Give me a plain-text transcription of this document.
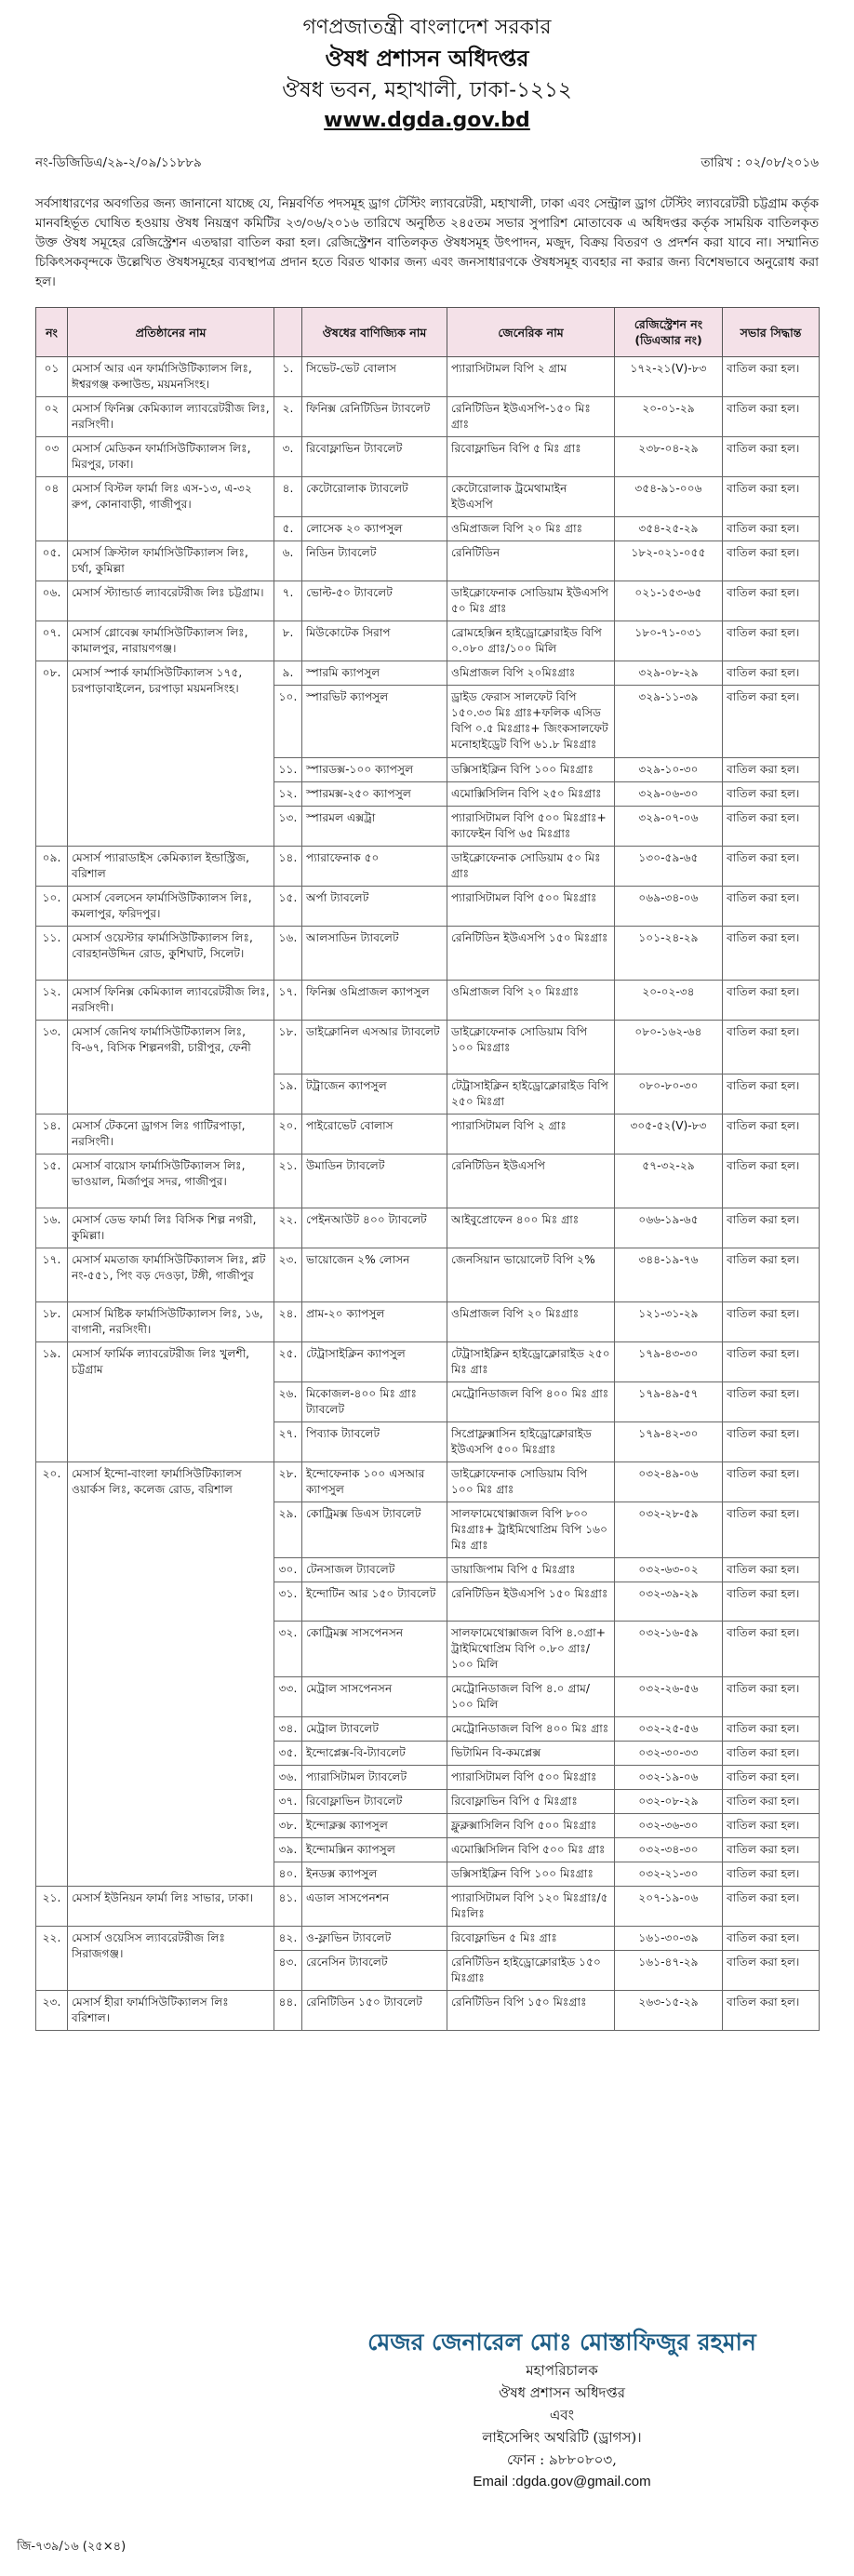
গণপ্রজাতন্ত্রী বাংলাদেশ সরকার
ঔষধ প্রশাসন অধিদপ্তর
ঔষধ ভবন, মহাখালী, ঢাকা-১২১২
www.dgda.gov.bd
নং-ডিজিডিএ/২৯-২/০৯/১১৮৮৯	তারিখ : ০২/০৮/২০১৬
সর্বসাধারণের অবগতির জন্য জানানো যাচ্ছে যে, নিম্নবর্ণিত পদসমূহ ড্রাগ টেস্টিং ল্যাবরেটরী, মহাখালী, ঢাকা এবং সেন্ট্রাল ড্রাগ টেস্টিং ল্যাবরেটরী চট্টগ্রাম কর্তৃক মানবহির্ভূত ঘোষিত হওয়ায় ঔষধ নিয়ন্ত্রণ কমিটির ২৩/০৬/২০১৬ তারিখে অনুষ্ঠিত ২৪৫তম সভার সুপারিশ মোতাবেক এ অধিদপ্তর কর্তৃক সাময়িক বাতিলকৃত উক্ত ঔষধ সমূহের রেজিস্ট্রেশন এতদ্বারা বাতিল করা হল। রেজিস্ট্রেশন বাতিলকৃত ঔষধসমূহ উৎপাদন, মজুদ, বিক্রয় বিতরণ ও প্রদর্শন করা যাবে না। সম্মানিত চিকিৎসকবৃন্দকে উল্লেখিত ঔষধসমূহের ব্যবস্থাপত্র প্রদান হতে বিরত থাকার জন্য এবং জনসাধারণকে ঔষধসমূহ ব্যবহার না করার জন্য বিশেষভাবে অনুরোধ করা হল।
নং	প্রতিষ্ঠানের নাম		ঔষধের বাণিজ্যিক নাম	জেনেরিক নাম	রেজিস্ট্রেশন নং (ডিএআর নং)	সভার সিদ্ধান্ত
০১	মেসার্স আর এন ফার্মাসিউটিক্যালস লিঃ, ঈশ্বরগঞ্জ কন্সাউন্ড, ময়মনসিংহ।	১.	সিভেট-ভেট বোলাস	প্যারাসিটামল বিপি ২ গ্রাম	১৭২-২১(V)-৮৩	বাতিল করা হল।
০২	মেসার্স ফিনিক্স কেমিক্যাল ল্যাবরেটরীজ লিঃ, নরসিংদী।	২.	ফিনিক্স রেনিটিডিন ট্যাবলেট	রেনিটিডিন ইউএসপি-১৫০ মিঃ গ্রাঃ	২০-০১-২৯	বাতিল করা হল।
০৩	মেসার্স মেডিকন ফার্মাসিউটিক্যালস লিঃ, মিরপুর, ঢাকা।	৩.	রিবোফ্লাভিন ট্যাবলেট	রিবোফ্লাভিন বিপি ৫ মিঃ গ্রাঃ	২৩৮-০৪-২৯	বাতিল করা হল।
০৪	মেসার্স বিস্টল ফার্মা লিঃ এস-১৩, এ-৩২ রুপ, কোনাবাড়ী, গাজীপুর।	৪.	কেটোরোলাক ট্যাবলেট	কেটোরোলাক ট্রমেথামাইন ইউএসপি	৩৫৪-৯১-০০৬	বাতিল করা হল।
		৫.	লোসেক ২০ ক্যাপসুল	ওমিপ্রাজল বিপি ২০ মিঃ গ্রাঃ	৩৫৪-২৫-২৯	বাতিল করা হল।
০৫.	মেসার্স ক্রিস্টাল ফার্মাসিউটিক্যালস লিঃ, চর্থা, কুমিল্লা	৬.	নিডিন ট্যাবলেট	রেনিটিডিন	১৮২-০২১-০৫৫	বাতিল করা হল।
০৬.	মেসার্স স্ট্যান্ডার্ড ল্যাবরেটরীজ লিঃ চট্টগ্রাম।	৭.	ভোল্ট-৫০ ট্যাবলেট	ডাইক্লোফেনাক সোডিয়াম ইউএসপি ৫০ মিঃ গ্রাঃ	০২১-১৫৩-৬৫	বাতিল করা হল।
০৭.	মেসার্স গ্লোবেক্স ফার্মাসিউটিক্যালস লিঃ, কামালপুর, নারায়ণগঞ্জ।	৮.	মিউকোটেক সিরাপ	ব্রোমহেক্সিন হাইড্রোক্লোরাইড বিপি ০.০৮০ গ্রাঃ/১০০ মিলি	১৮০-৭১-০৩১	বাতিল করা হল।
০৮.	মেসার্স স্পার্ক ফার্মাসিউটিক্যালস ১৭৫, চরপাড়াবাইলেন, চরপাড়া ময়মনসিংহ।	৯.	স্পারমি ক্যাপসুল	ওমিপ্রাজল বিপি ২০মিঃগ্রাঃ	৩২৯-০৮-২৯	বাতিল করা হল।
		১০.	স্পারভিট ক্যাপসুল	ড্রাইড ফেরাস সালফেট বিপি ১৫০.৩৩ মিঃ গ্রাঃ+ফলিক এসিড বিপি ০.৫ মিঃগ্রাঃ+ জিংকসালফেট মনোহাইড্রেট বিপি ৬১.৮ মিঃগ্রাঃ	৩২৯-১১-৩৯	বাতিল করা হল।
		১১.	স্পারডক্স-১০০ ক্যাপসুল	ডক্সিসাইক্লিন বিপি ১০০ মিঃগ্রাঃ	৩২৯-১০-৩০	বাতিল করা হল।
		১২.	স্পারমক্স-২৫০ ক্যাপসুল	এমোক্সিসিলিন বিপি ২৫০ মিঃগ্রাঃ	৩২৯-০৬-৩০	বাতিল করা হল।
		১৩.	স্পারমল এক্সট্রা	প্যারাসিটামল বিপি ৫০০ মিঃগ্রাঃ+ ক্যাফেইন বিপি ৬৫ মিঃগ্রাঃ	৩২৯-০৭-০৬	বাতিল করা হল।
০৯.	মেসার্স প্যারাডাইস কেমিক্যাল ইন্ডাস্ট্রিজ, বরিশাল	১৪.	প্যারাফেনাক ৫০	ডাইক্লোফেনাক সোডিয়াম ৫০ মিঃ গ্রাঃ	১৩০-৫৯-৬৫	বাতিল করা হল।
১০.	মেসার্স বেলসেন ফার্মাসিউটিক্যালস লিঃ, কমলাপুর, ফরিদপুর।	১৫.	অর্পা ট্যাবলেট	প্যারাসিটামল বিপি ৫০০ মিঃগ্রাঃ	০৬৯-৩৪-০৬	বাতিল করা হল।
১১.	মেসার্স ওয়েস্টার ফার্মাসিউটিক্যালস লিঃ, বোরহানউদ্দিন রোড, কুশিঘাট, সিলেট।	১৬.	আলসাডিন ট্যাবলেট	রেনিটিডিন ইউএসপি ১৫০ মিঃগ্রাঃ	১০১-২৪-২৯	বাতিল করা হল।
১২.	মেসার্স ফিনিক্স কেমিক্যাল ল্যাবরেটরীজ লিঃ, নরসিংদী।	১৭.	ফিনিক্স ওমিপ্রাজল ক্যাপসুল	ওমিপ্রাজল বিপি ২০ মিঃগ্রাঃ	২০-০২-৩৪	বাতিল করা হল।
১৩.	মেসার্স জেনিথ ফার্মাসিউটিক্যালস লিঃ, বি-৬৭, বিসিক শিল্পনগরী, চারীপুর, ফেনী	১৮.	ডাইক্লোনিল এসআর ট্যাবলেট	ডাইক্লোফেনাক সোডিয়াম বিপি ১০০ মিঃগ্রাঃ	০৮০-১৬২-৬৪	বাতিল করা হল।
		১৯.	টট্রাজেন ক্যাপসুল	টেট্রাসাইক্লিন হাইড্রোক্লোরাইড বিপি ২৫০ মিঃগ্রা	০৮০-৮০-৩০	বাতিল করা হল।
১৪.	মেসার্স টেকনো ড্রাগস লিঃ গাটিরপাড়া, নরসিংদী।	২০.	পাইরোভেট বোলাস	প্যারাসিটামল বিপি ২ গ্রাঃ	৩০৫-৫২(V)-৮৩	বাতিল করা হল।
১৫.	মেসার্স বায়োস ফার্মাসিউটিক্যালস লিঃ, ভাওয়াল, মির্জাপুর সদর, গাজীপুর।	২১.	উমাডিন ট্যাবলেট	রেনিটিডিন ইউএসপি	৫৭-৩২-২৯	বাতিল করা হল।
১৬.	মেসার্স ডেভ ফার্মা লিঃ বিসিক শিল্প নগরী, কুমিল্লা।	২২.	পেইনআউট ৪০০ ট্যাবলেট	আইবুপ্রোফেন ৪০০ মিঃ গ্রাঃ	০৬৬-১৯-৬৫	বাতিল করা হল।
১৭.	মেসার্স মমতাজ ফার্মাসিউটিক্যালস লিঃ, প্লট নং-৫৫১, পিং বড় দেওড়া, টঙ্গী, গাজীপুর	২৩.	ভায়োজেন ২% লোসন	জেনসিয়ান ভায়োলেট বিপি ২%	৩৪৪-১৯-৭৬	বাতিল করা হল।
১৮.	মেসার্স মিষ্টিক ফার্মাসিউটিক্যালস লিঃ, ১৬, বাগানী, নরসিংদী।	২৪.	প্রাম-২০ ক্যাপসুল	ওমিপ্রাজল বিপি ২০ মিঃগ্রাঃ	১২১-৩১-২৯	বাতিল করা হল।
১৯.	মেসার্স ফার্মিক ল্যাবরেটরীজ লিঃ খুলশী, চট্টগ্রাম	২৫.	টেট্রাসাইক্লিন ক্যাপসুল	টেট্রাসাইক্লিন হাইড্রোক্লোরাইড ২৫০ মিঃ গ্রাঃ	১৭৯-৪৩-৩০	বাতিল করা হল।
		২৬.	মিকোজল-৪০০ মিঃ গ্রাঃ ট্যাবলেট	মেট্রোনিডাজল বিপি ৪০০ মিঃ গ্রাঃ	১৭৯-৪৯-৫৭	বাতিল করা হল।
		২৭.	পিব্যাক ট্যাবলেট	সিপ্রোফ্লক্সাসিন হাইড্রোক্লোরাইড ইউএসপি ৫০০ মিঃগ্রাঃ	১৭৯-৪২-৩০	বাতিল করা হল।
২০.	মেসার্স ইন্দো-বাংলা ফার্মাসিউটিক্যালস ওয়ার্কস লিঃ, কলেজ রোড, বরিশাল	২৮.	ইন্দোফেনাক ১০০ এসআর ক্যাপসুল	ডাইক্লোফেনাক সোডিয়াম বিপি ১০০ মিঃ গ্রাঃ	০৩২-৪৯-০৬	বাতিল করা হল।
		২৯.	কোট্রিমক্স ডিএস ট্যাবলেট	সালফামেথোক্সাজল বিপি ৮০০ মিঃগ্রাঃ+ ট্রাইমিথোপ্রিম বিপি ১৬০ মিঃ গ্রাঃ	০৩২-২৮-৫৯	বাতিল করা হল।
		৩০.	টেনসাজল ট্যাবলেট	ডায়াজিপাম বিপি ৫ মিঃগ্রাঃ	০৩২-৬৩-০২	বাতিল করা হল।
		৩১.	ইন্দোটিন আর ১৫০ ট্যাবলেট	রেনিটিডিন ইউএসপি ১৫০ মিঃগ্রাঃ	০৩২-৩৯-২৯	বাতিল করা হল।
		৩২.	কোট্রিমক্স সাসপেনসন	সালফামেথোক্সাজল বিপি ৪.০গ্রা+ ট্রাইমিথোপ্রিম বিপি ০.৮০ গ্রাঃ/১০০ মিলি	০৩২-১৬-৫৯	বাতিল করা হল।
		৩৩.	মেট্রাল সাসপেনসন	মেট্রোনিডাজল বিপি ৪.০ গ্রাম/১০০ মিলি	০৩২-২৬-৫৬	বাতিল করা হল।
		৩৪.	মেট্রাল ট্যাবলেট	মেট্রোনিডাজল বিপি ৪০০ মিঃ গ্রাঃ	০৩২-২৫-৫৬	বাতিল করা হল।
		৩৫.	ইন্দোপ্লেক্স-বি-ট্যাবলেট	ভিটামিন বি-কমপ্লেক্স	০৩২-৩০-৩৩	বাতিল করা হল।
		৩৬.	প্যারাসিটামল ট্যাবলেট	প্যারাসিটামল বিপি ৫০০ মিঃগ্রাঃ	০৩২-১৯-০৬	বাতিল করা হল।
		৩৭.	রিবোফ্লাভিন ট্যাবলেট	রিবোফ্লাভিন বিপি ৫ মিঃগ্রাঃ	০৩২-০৮-২৯	বাতিল করা হল।
		৩৮.	ইন্দোক্লক্স ক্যাপসুল	ফ্লুক্লক্সাসিলিন বিপি ৫০০ মিঃগ্রাঃ	০৩২-৩৬-৩০	বাতিল করা হল।
		৩৯.	ইন্দোমক্সিন ক্যাপসুল	এমোক্সিসিলিন বিপি ৫০০ মিঃ গ্রাঃ	০৩২-৩৪-৩০	বাতিল করা হল।
		৪০.	ইনডক্স ক্যাপসুল	ডক্সিসাইক্লিন বিপি ১০০ মিঃগ্রাঃ	০৩২-২১-৩০	বাতিল করা হল।
২১.	মেসার্স ইউনিয়ন ফার্মা লিঃ সাভার, ঢাকা।	৪১.	এডাল সাসপেনশন	প্যারাসিটামল বিপি ১২০ মিঃগ্রাঃ/৫ মিঃলিঃ	২০৭-১৯-০৬	বাতিল করা হল।
২২.	মেসার্স ওয়েসিস ল্যাবরেটরীজ লিঃ সিরাজগঞ্জ।	৪২.	ও-ফ্লাভিন ট্যাবলেট	রিবোফ্লাভিন ৫ মিঃ গ্রাঃ	১৬১-৩০-৩৯	বাতিল করা হল।
		৪৩.	রেনেসিন ট্যাবলেট	রেনিটিডিন হাইড্রোক্লোরাইড ১৫০ মিঃগ্রাঃ	১৬১-৪৭-২৯	বাতিল করা হল।
২৩.	মেসার্স হীরা ফার্মাসিউটিক্যালস লিঃ বরিশাল।	৪৪.	রেনিটিডিন ১৫০ ট্যাবলেট	রেনিটিডিন বিপি ১৫০ মিঃগ্রাঃ	২৬৩-১৫-২৯	বাতিল করা হল।
মেজর জেনারেল মোঃ মোস্তাফিজুর রহমান
মহাপরিচালক
ঔষধ প্রশাসন অধিদপ্তর
এবং
লাইসেন্সিং অথরিটি (ড্রাগস)।
ফোন : ৯৮৮০৮০৩,
Email :dgda.gov@gmail.com
জি-৭৩৯/১৬ (২৫×৪)
